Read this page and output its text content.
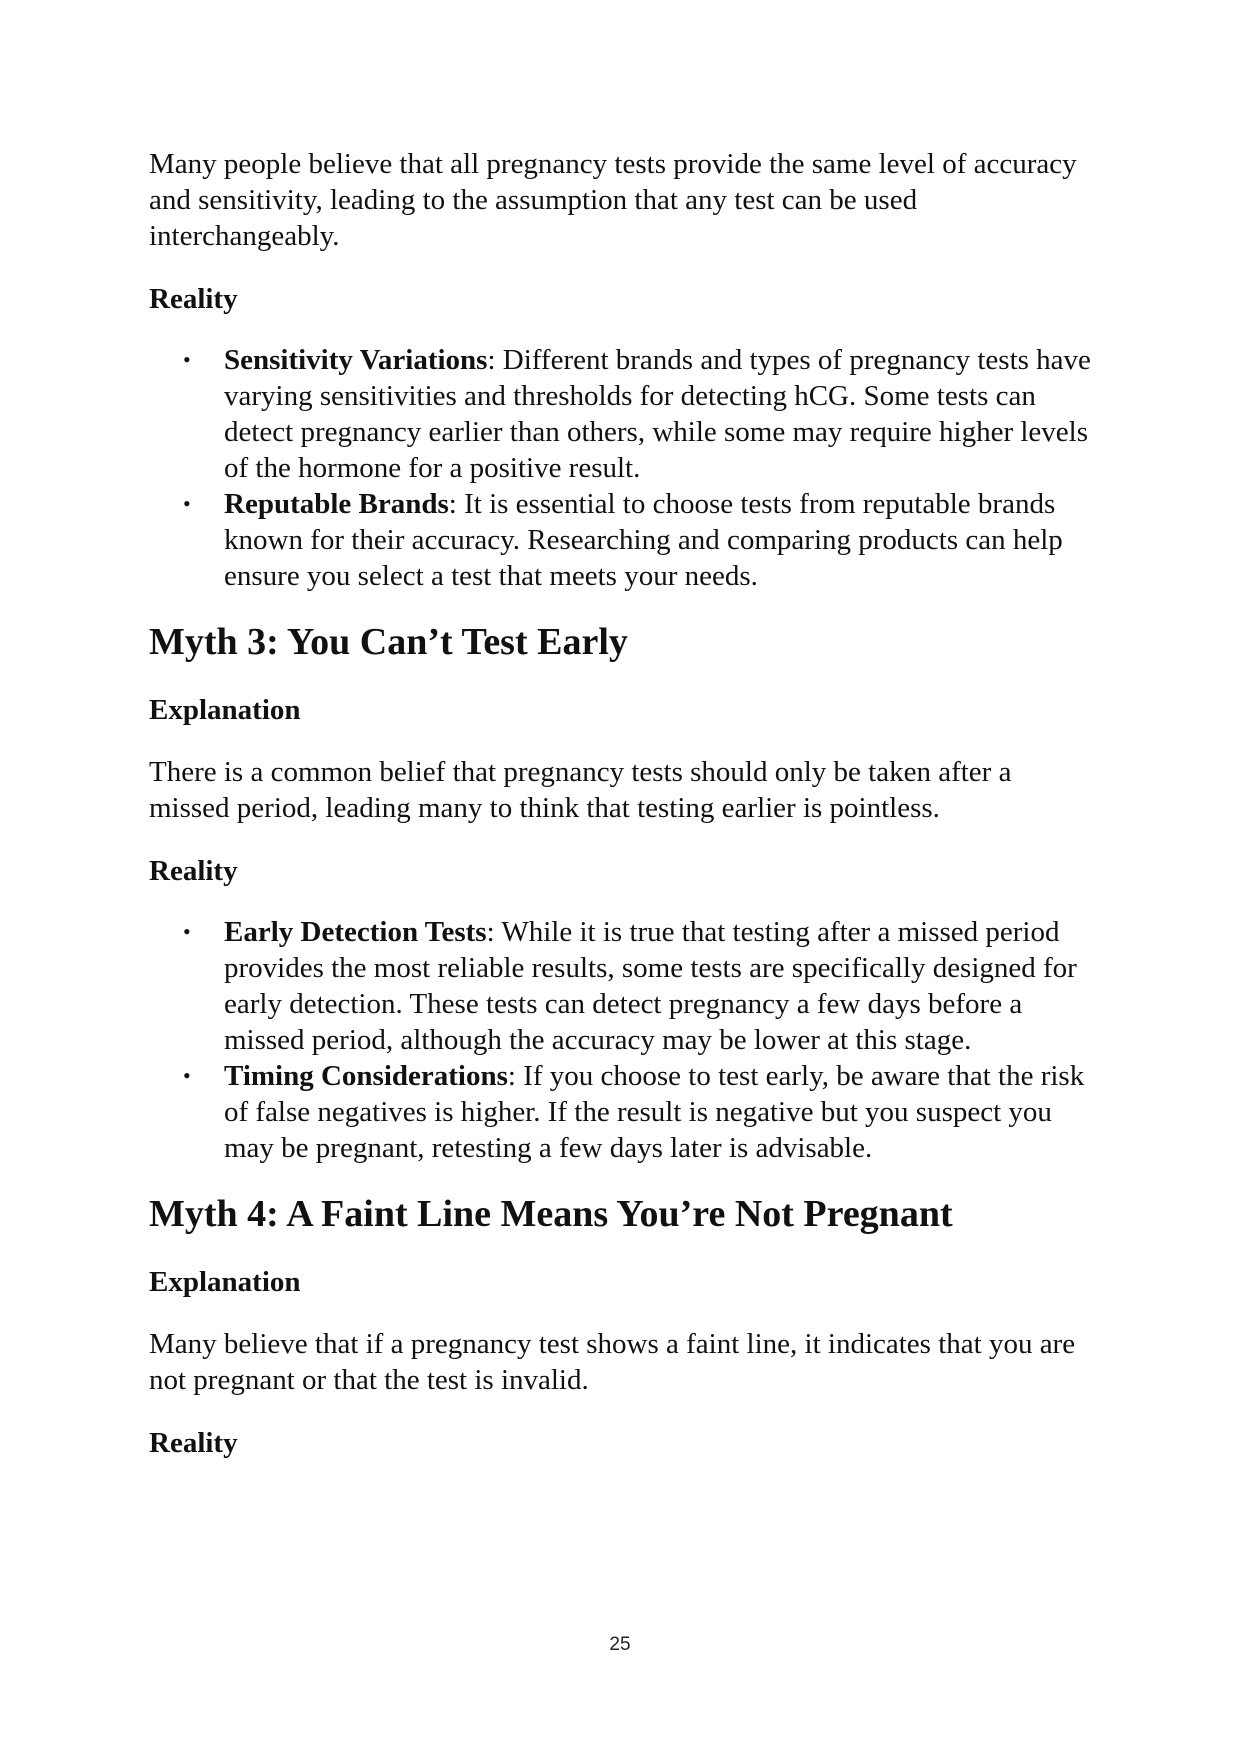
Many people believe that all pregnancy tests provide the same level of accuracy and sensitivity, leading to the assumption that any test can be used interchangeably.

Reality
• Sensitivity Variations: Different brands and types of pregnancy tests have varying sensitivities and thresholds for detecting hCG. Some tests can detect pregnancy earlier than others, while some may require higher levels of the hormone for a positive result.
• Reputable Brands: It is essential to choose tests from reputable brands known for their accuracy. Researching and comparing products can help ensure you select a test that meets your needs.
Myth 3: You Can’t Test Early
Explanation

There is a common belief that pregnancy tests should only be taken after a missed period, leading many to think that testing earlier is pointless.

Reality
• Early Detection Tests: While it is true that testing after a missed period provides the most reliable results, some tests are specifically designed for early detection. These tests can detect pregnancy a few days before a missed period, although the accuracy may be lower at this stage.
• Timing Considerations: If you choose to test early, be aware that the risk of false negatives is higher. If the result is negative but you suspect you may be pregnant, retesting a few days later is advisable.
Myth 4: A Faint Line Means You’re Not Pregnant
Explanation

Many believe that if a pregnancy test shows a faint line, it indicates that you are not pregnant or that the test is invalid.

Reality
25
